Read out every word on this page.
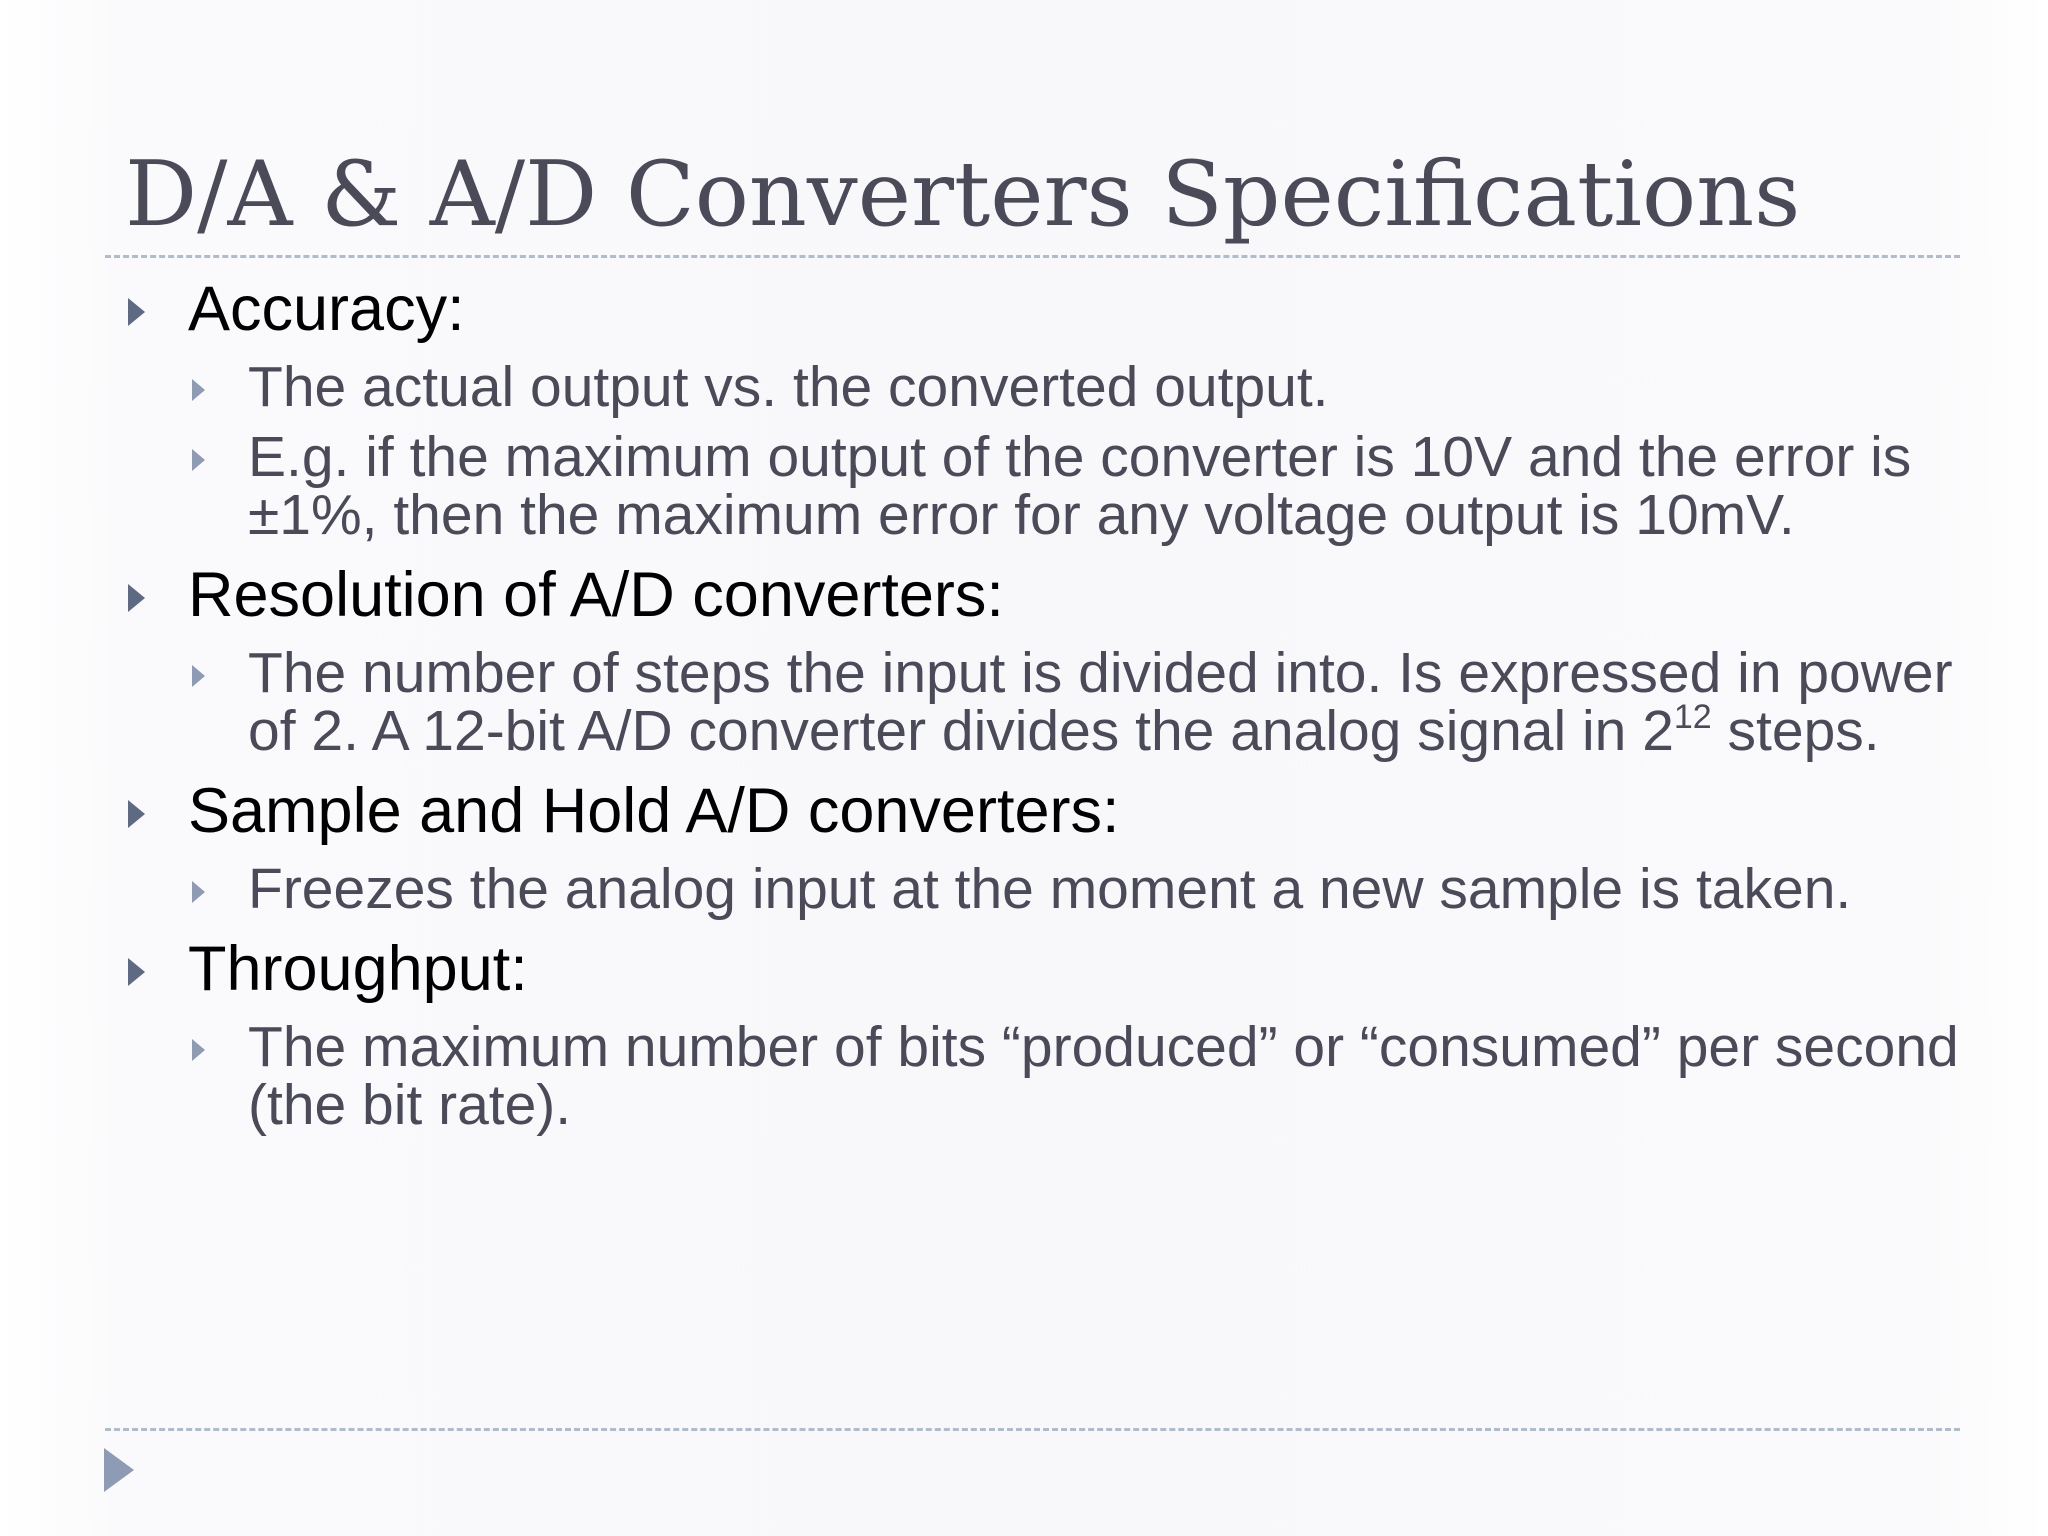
D/A & A/D Converters Specifications
Accuracy:
The actual output vs. the converted output.
E.g. if the maximum output of the converter is 10V and the error is ±1%, then the maximum error for any voltage output is 10mV.
Resolution of A/D converters:
The number of steps the input is divided into. Is expressed in power of 2. A 12-bit A/D converter divides the analog signal in $2^{12}$ steps.
Sample and Hold A/D converters:
Freezes the analog input at the moment a new sample is taken.
Throughput:
The maximum number of bits “produced” or “consumed” per second (the bit rate).
